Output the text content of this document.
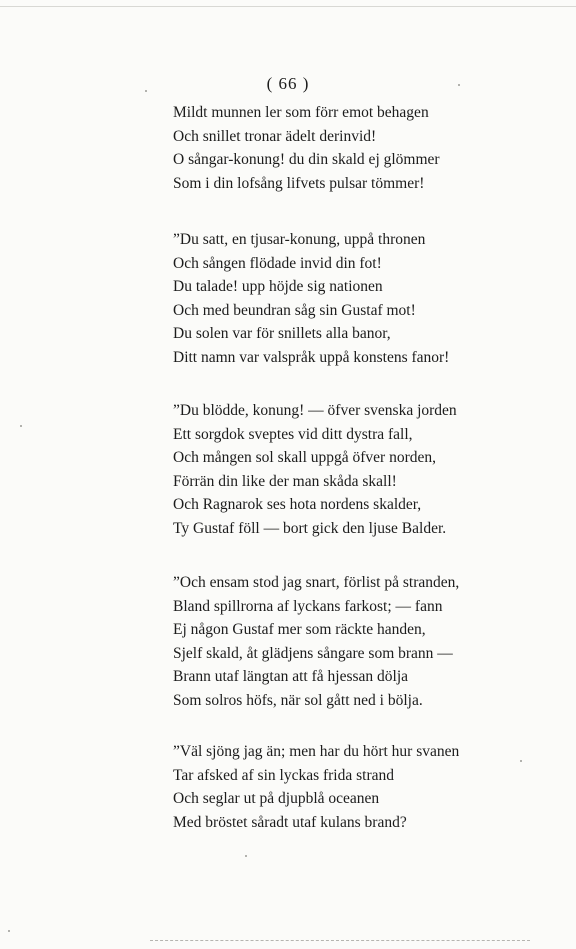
( 66 )
Mildt munnen ler som förr emot behagen
Och snillet tronar ädelt derinvid!
O sångar-konung! du din skald ej glömmer
Som i din lofsång lifvets pulsar tömmer!
”Du satt, en tjusar-konung, uppå thronen
Och sången flödade invid din fot!
Du talade! upp höjde sig nationen
Och med beundran såg sin Gustaf mot!
Du solen var för snillets alla banor,
Ditt namn var valspråk uppå konstens fanor!
”Du blödde, konung! — öfver svenska jorden
Ett sorgdok sveptes vid ditt dystra fall,
Och mången sol skall uppgå öfver norden,
Förrän din like der man skåda skall!
Och Ragnarok ses hota nordens skalder,
Ty Gustaf föll — bort gick den ljuse Balder.
”Och ensam stod jag snart, förlist på stranden,
Bland spillrorna af lyckans farkost; — fann
Ej någon Gustaf mer som räckte handen,
Sjelf skald, åt glädjens sångare som brann —
Brann utaf längtan att få hjessan dölja
Som solros höfs, när sol gått ned i bölja.
”Väl sjöng jag än; men har du hört hur svanen
Tar afsked af sin lyckas frida strand
Och seglar ut på djupblå oceanen
Med bröstet såradt utaf kulans brand?
